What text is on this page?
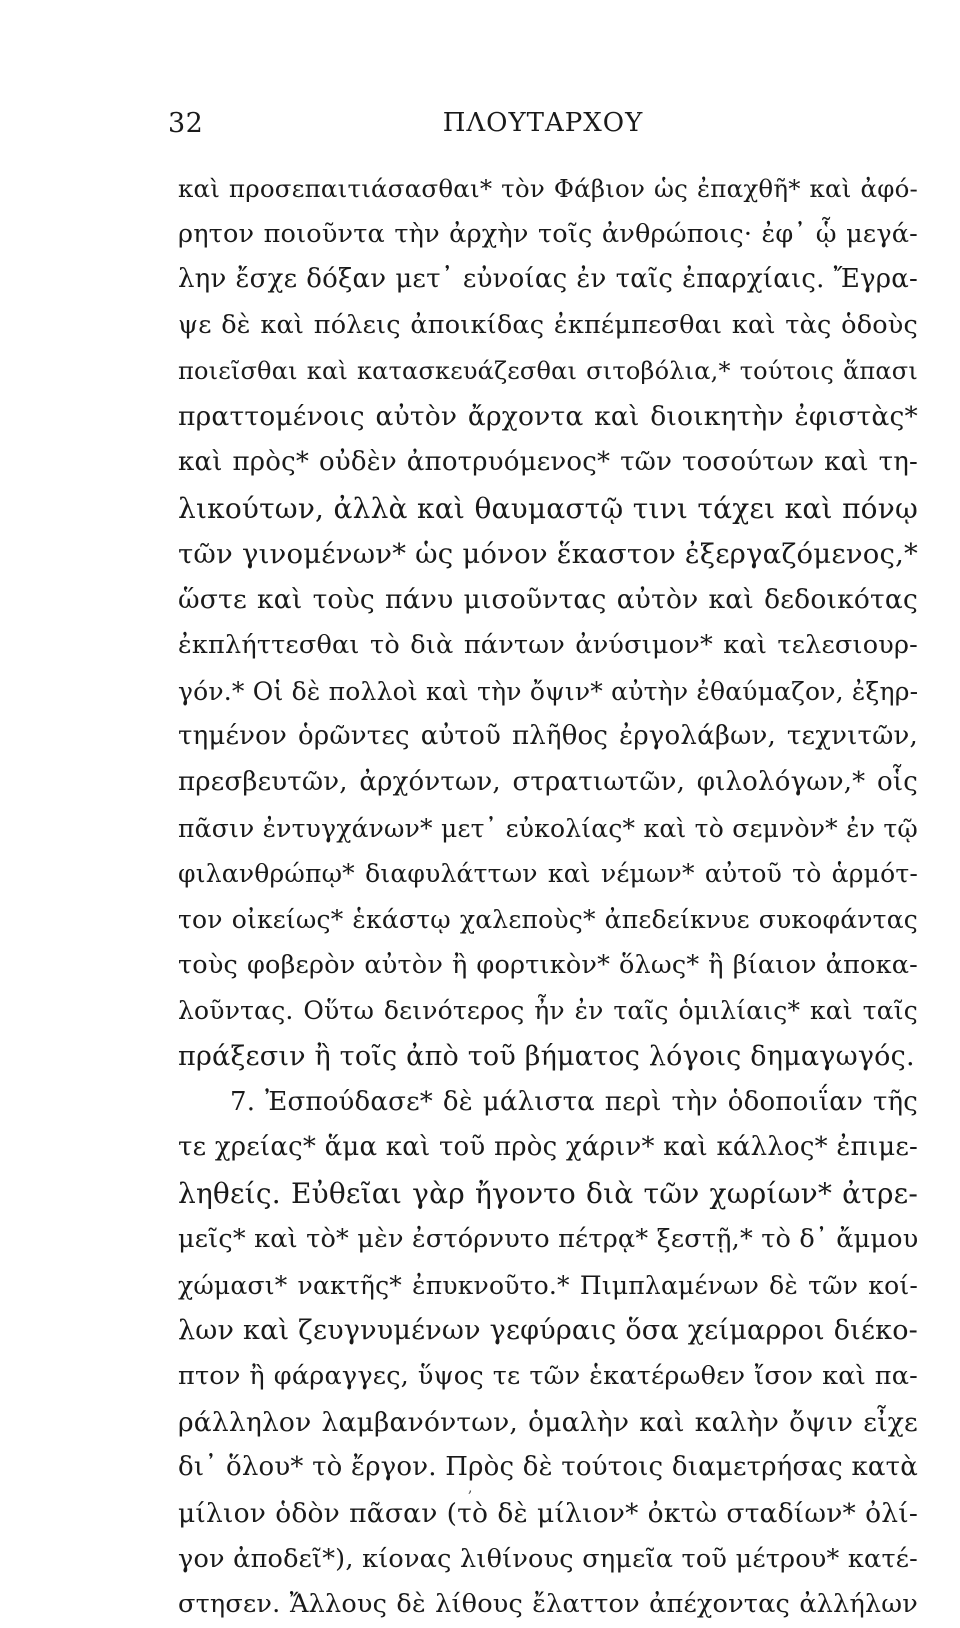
32	ΠΛΟΥΤΑΡΧΟΥ
καὶ προσεπαιτιάσασθαι* τὸν Φάβιον ὡς ἐπαχθῆ* καὶ ἀφό-
ρητον ποιοῦντα τὴν ἀρχὴν τοῖς ἀνθρώποις· ἐφ᾽ ᾧ μεγά-
λην ἔσχε δόξαν μετ᾽ εὐνοίας ἐν ταῖς ἐπαρχίαις. Ἔγρα-
ψε δὲ καὶ πόλεις ἀποικίδας ἐκπέμπεσθαι καὶ τὰς ὁδοὺς
ποιεῖσθαι καὶ κατασκευάζεσθαι σιτοβόλια,* τούτοις ἅπασι
πραττομένοις αὐτὸν ἄρχοντα καὶ διοικητὴν ἐφιστὰς*
καὶ πρὸς* οὐδὲν ἀποτρυόμενος* τῶν τοσούτων καὶ τη-
λικούτων, ἀλλὰ καὶ θαυμαστῷ τινι τάχει καὶ πόνῳ
τῶν γινομένων* ὡς μόνον ἕκαστον ἐξεργαζόμενος,*
ὥστε καὶ τοὺς πάνυ μισοῦντας αὐτὸν καὶ δεδοικότας
ἐκπλήττεσθαι τὸ διὰ πάντων ἀνύσιμον* καὶ τελεσιουρ-
γόν.* Οἱ δὲ πολλοὶ καὶ τὴν ὄψιν* αὐτὴν ἐθαύμαζον, ἐξηρ-
τημένον ὁρῶντες αὐτοῦ πλῆθος ἐργολάβων, τεχνιτῶν,
πρεσβευτῶν, ἀρχόντων, στρατιωτῶν, φιλολόγων,* οἷς
πᾶσιν ἐντυγχάνων* μετ᾽ εὐκολίας* καὶ τὸ σεμνὸν* ἐν τῷ
φιλανθρώπῳ* διαφυλάττων καὶ νέμων* αὐτοῦ τὸ ἁρμότ-
τον οἰκείως* ἑκάστῳ χαλεποὺς* ἀπεδείκνυε συκοφάντας
τοὺς φοβερὸν αὐτὸν ἢ φορτικὸν* ὅλως* ἢ βίαιον ἀποκα-
λοῦντας. Οὕτω δεινότερος ἦν ἐν ταῖς ὁμιλίαις* καὶ ταῖς
πράξεσιν ἢ τοῖς ἀπὸ τοῦ βήματος λόγοις δημαγωγός.
7. Ἐσπούδασε* δὲ μάλιστα περὶ τὴν ὁδοποιΐαν τῆς
τε χρείας* ἅμα καὶ τοῦ πρὸς χάριν* καὶ κάλλος* ἐπιμε-
ληθείς. Εὐθεῖαι γὰρ ἤγοντο διὰ τῶν χωρίων* ἀτρε-
μεῖς* καὶ τὸ* μὲν ἐστόρνυτο πέτρᾳ* ξεστῇ,* τὸ δ᾽ ἄμμου
χώμασι* νακτῆς* ἐπυκνοῦτο.* Πιμπλαμένων δὲ τῶν κοί-
λων καὶ ζευγνυμένων γεφύραις ὅσα χείμαρροι διέκο-
πτον ἢ φάραγγες, ὕψος τε τῶν ἑκατέρωθεν ἴσον καὶ πα-
ράλληλον λαμβανόντων, ὁμαλὴν καὶ καλὴν ὄψιν εἶχε
δι᾽ ὅλου* τὸ ἔργον. Πρὸς δὲ τούτοις διαμετρήσας κατὰ
μίλιον ὁδὸν πᾶσαν (τὸ δὲ μίλιον* ὀκτὼ σταδίων* ὀλί-
γον ἀποδεῖ*), κίονας λιθίνους σημεῖα τοῦ μέτρου* κατέ-
στησεν. Ἄλλους δὲ λίθους ἔλαττον ἀπέχοντας ἀλλήλων
,
